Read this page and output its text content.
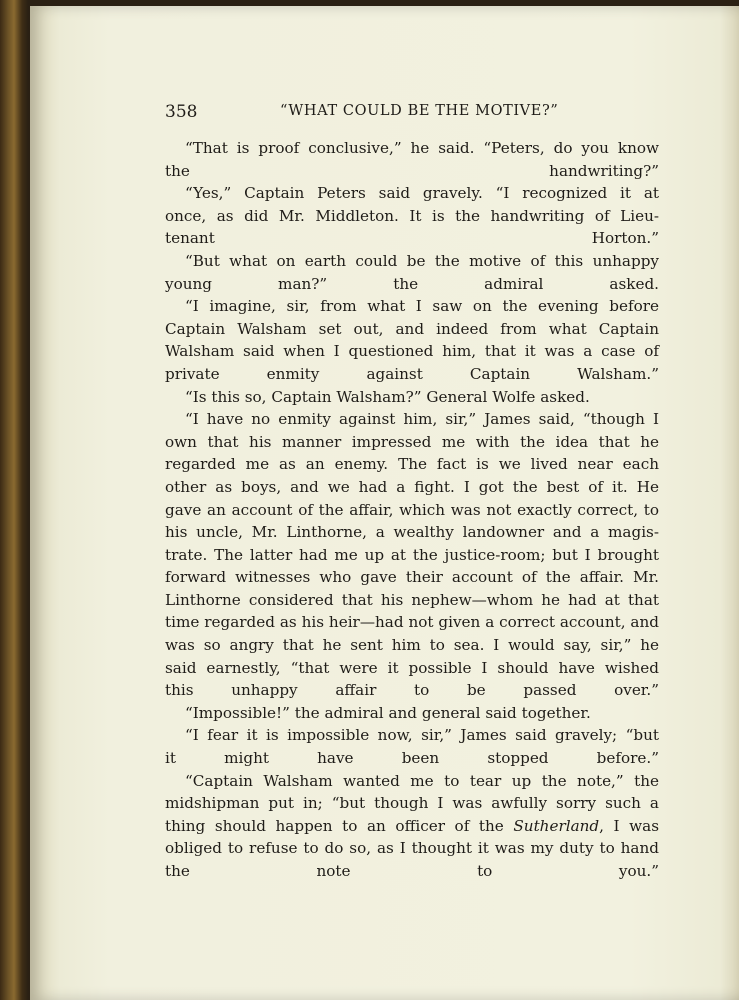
358	“WHAT COULD BE THE MOTIVE?”

“That is proof conclusive,” he said. “Peters, do you know
the handwriting?”

“Yes,” Captain Peters said gravely. “I recognized it at
once, as did Mr. Middleton. It is the handwriting of Lieu-
tenant Horton.”

“But what on earth could be the motive of this unhappy
young man?” the admiral asked.

“I imagine, sir, from what I saw on the evening before
Captain Walsham set out, and indeed from what Captain
Walsham said when I questioned him, that it was a case of
private enmity against Captain Walsham.”

“Is this so, Captain Walsham?” General Wolfe asked.

“I have no enmity against him, sir,” James said, “though I
own that his manner impressed me with the idea that he
regarded me as an enemy. The fact is we lived near each
other as boys, and we had a fight. I got the best of it. He
gave an account of the affair, which was not exactly correct, to
his uncle, Mr. Linthorne, a wealthy landowner and a magis-
trate. The latter had me up at the justice-room; but I brought
forward witnesses who gave their account of the affair. Mr.
Linthorne considered that his nephew—whom he had at that
time regarded as his heir—had not given a correct account, and
was so angry that he sent him to sea. I would say, sir,” he
said earnestly, “that were it possible I should have wished
this unhappy affair to be passed over.”

“Impossible!” the admiral and general said together.

“I fear it is impossible now, sir,” James said gravely; “but
it might have been stopped before.”

“Captain Walsham wanted me to tear up the note,” the
midshipman put in; “but though I was awfully sorry such a
thing should happen to an officer of the Sutherland, I was
obliged to refuse to do so, as I thought it was my duty to hand
the note to you.”
